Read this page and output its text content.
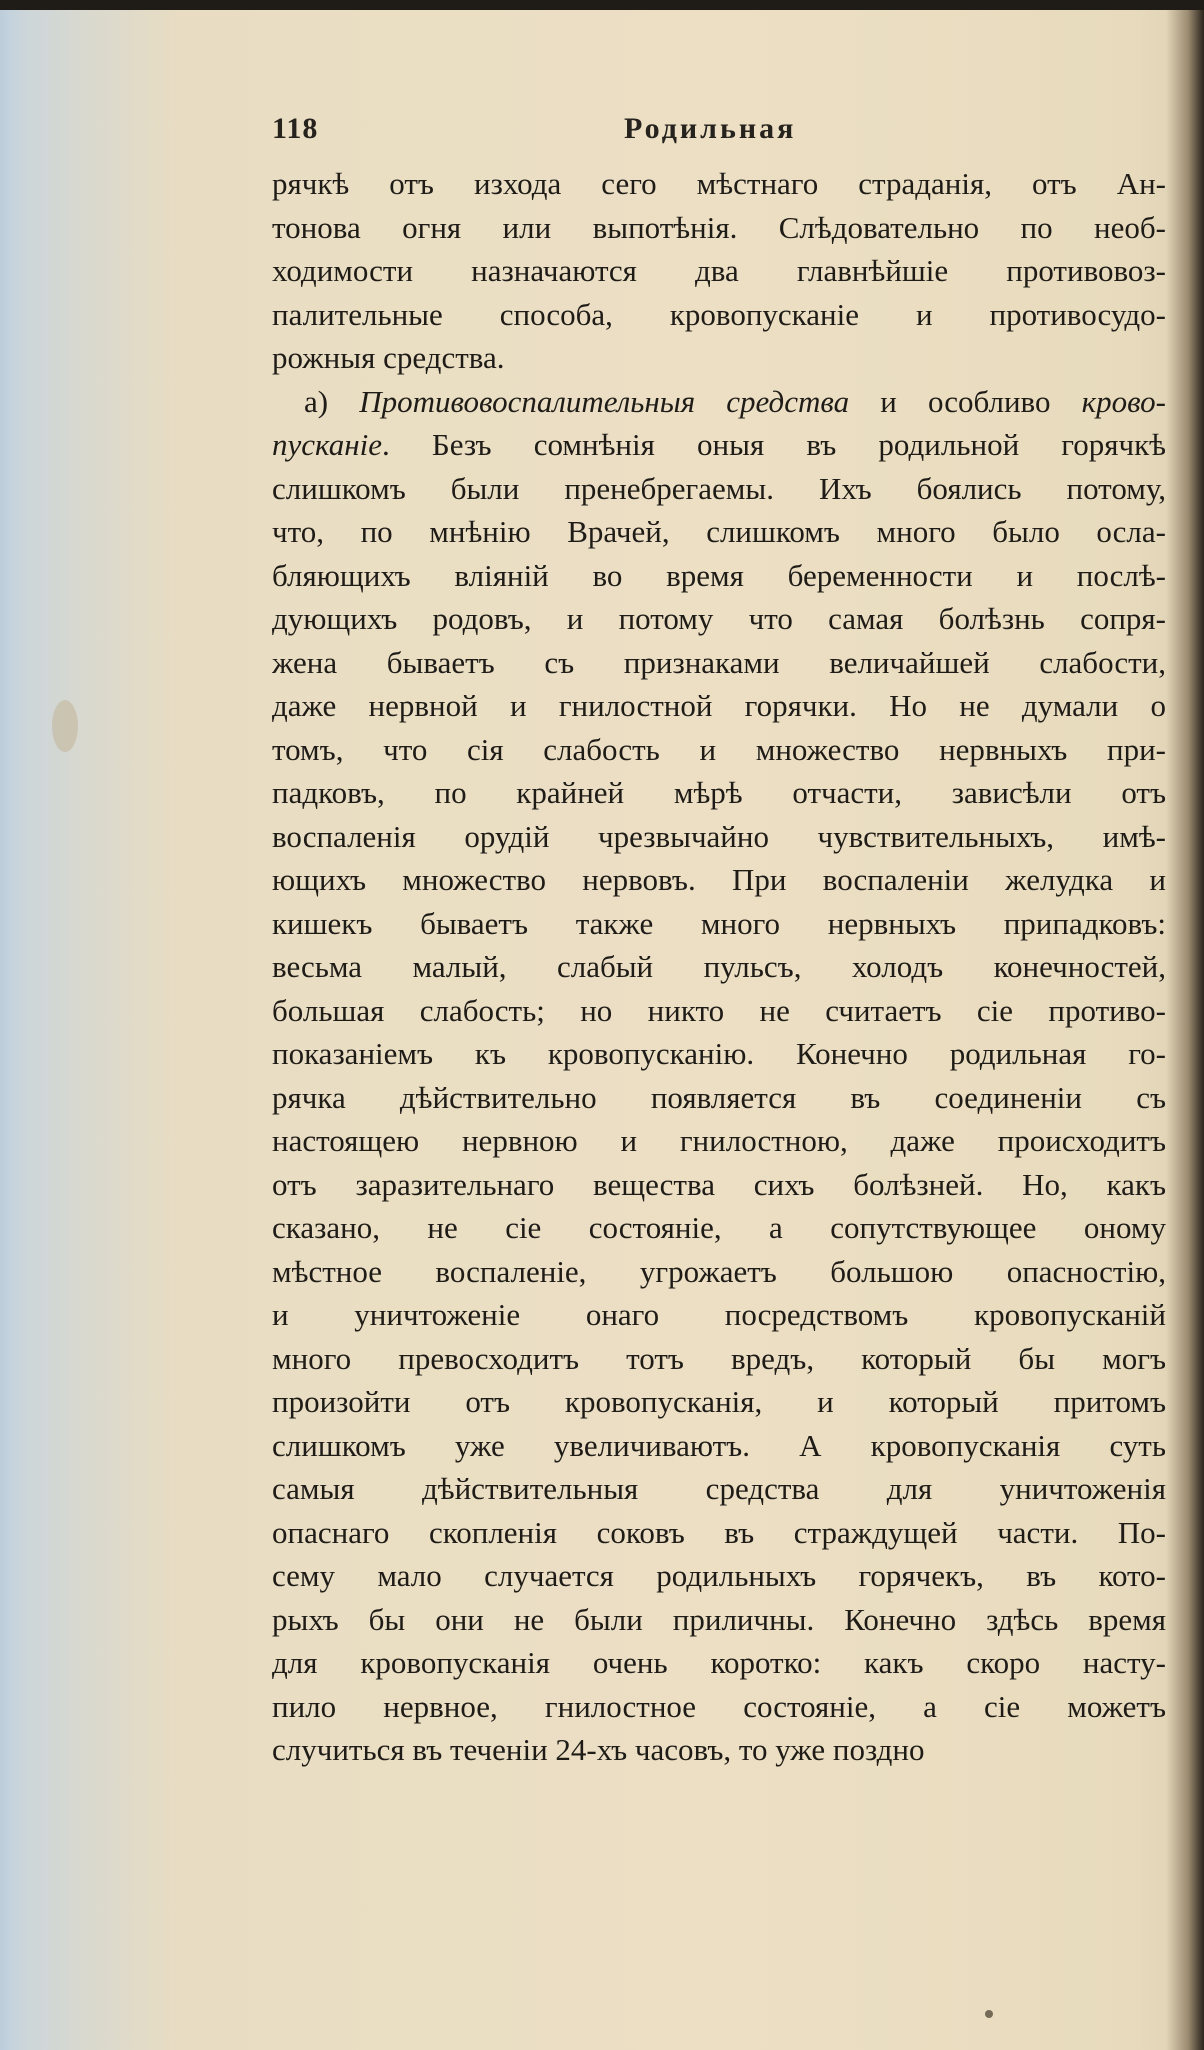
118	Родильная
рячкѣ отъ изхода сего мѣстнаго страданія, отъ Ан-
тонова огня или выпотѣнія. Слѣдовательно по необ-
ходимости назначаются два главнѣйшіе противовоз-
палительные способа, кровопусканіе и противосудо-
рожныя средства.
а) Противовоспалительныя средства и особливо крово-
пусканіе. Безъ сомнѣнія оныя въ родильной горячкѣ
слишкомъ были пренебрегаемы. Ихъ боялись потому,
что, по мнѣнію Врачей, слишкомъ много было осла-
бляющихъ вліяній во время беременности и послѣ-
дующихъ родовъ, и потому что самая болѣзнь сопря-
жена бываетъ съ признаками величайшей слабости,
даже нервной и гнилостной горячки. Но не думали о
томъ, что сія слабость и множество нервныхъ при-
падковъ, по крайней мѣрѣ отчасти, зависѣли отъ
воспаленія орудій чрезвычайно чувствительныхъ, имѣ-
ющихъ множество нервовъ. При воспаленіи желудка и
кишекъ бываетъ также много нервныхъ припадковъ:
весьма малый, слабый пульсъ, холодъ конечностей,
большая слабость; но никто не считаетъ сіе противо-
показаніемъ къ кровопусканію. Конечно родильная го-
рячка дѣйствительно появляется въ соединеніи съ
настоящею нервною и гнилостною, даже происходитъ
отъ заразительнаго вещества сихъ болѣзней. Но, какъ
сказано, не сіе состояніе, а сопутствующее оному
мѣстное воспаленіе, угрожаетъ большою опасностію,
и уничтоженіе онаго посредствомъ кровопусканій
много превосходитъ тотъ вредъ, который бы могъ
произойти отъ кровопусканія, и который притомъ
слишкомъ уже увеличиваютъ. А кровопусканія суть
самыя дѣйствительныя средства для уничтоженія
опаснаго скопленія соковъ въ страждущей части. По-
сему мало случается родильныхъ горячекъ, въ кото-
рыхъ бы они не были приличны. Конечно здѣсь время
для кровопусканія очень коротко: какъ скоро насту-
пило нервное, гнилостное состояніе, а сіе можетъ
случиться въ теченіи 24-хъ часовъ, то уже поздно
